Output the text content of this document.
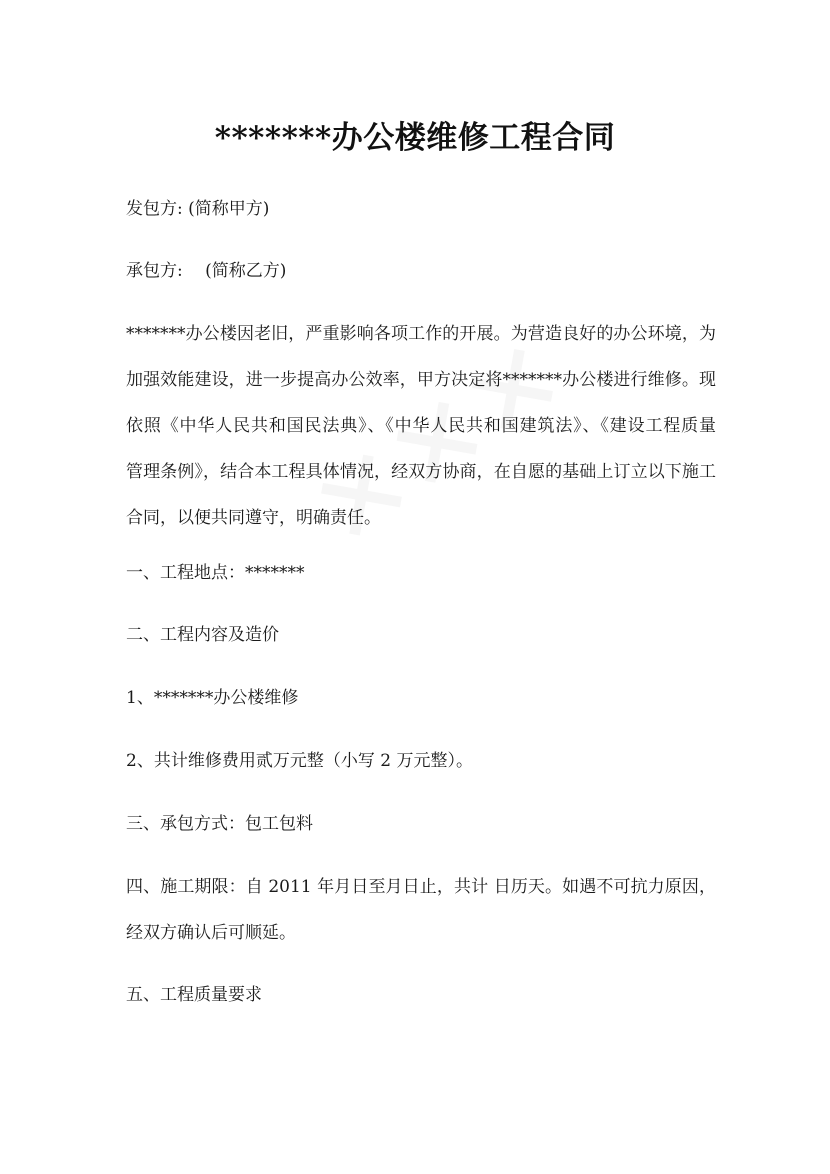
*******办公楼维修工程合同
发包方: (简称甲方)
承包方:　 (简称乙方)
*******办公楼因老旧，严重影响各项工作的开展。为营造良好的办公环境，为
加强效能建设，进一步提高办公效率，甲方决定将*******办公楼进行维修。现
依照《中华人民共和国民法典》、《中华人民共和国建筑法》、《建设工程质量
管理条例》，结合本工程具体情况，经双方协商，在自愿的基础上订立以下施工
合同，以便共同遵守，明确责任。
一、工程地点：*******
二、工程内容及造价
1、*******办公楼维修
2、共计维修费用贰万元整（小写 2 万元整）。
三、承包方式：包工包料
四、施工期限：自 2011 年月日至月日止，共计 日历天。如遇不可抗力原因，
经双方确认后可顺延。
五、工程质量要求
